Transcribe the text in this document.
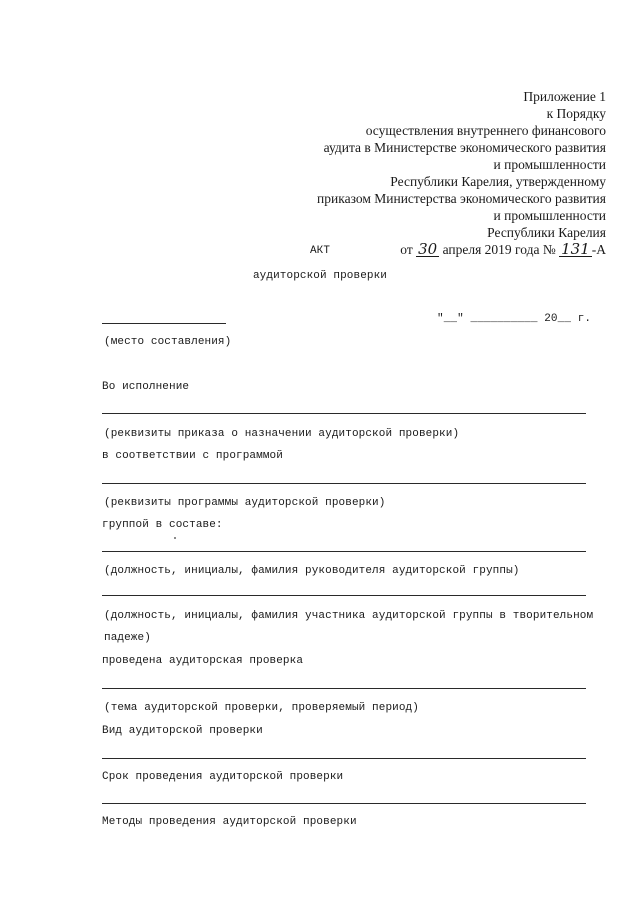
Приложение 1
к Порядку
осуществления внутреннего финансового
аудита в Министерстве экономического развития
и промышленности
Республики Карелия, утвержденному
приказом Министерства экономического развития
и промышленности
Республики Карелия
от 30 апреля 2019 года № 131 -А
АКТ
аудиторской проверки
"__" __________ 20__ г.
(место составления)
Во исполнение
(реквизиты приказа о назначении аудиторской проверки)
в соответствии с программой
(реквизиты программы аудиторской проверки)
группой в составе:
(должность, инициалы, фамилия руководителя аудиторской группы)
(должность, инициалы, фамилия участника аудиторской группы в творительном
падеже)
проведена аудиторская проверка
(тема аудиторской проверки, проверяемый период)
Вид аудиторской проверки
Срок проведения аудиторской проверки
Методы проведения аудиторской проверки
